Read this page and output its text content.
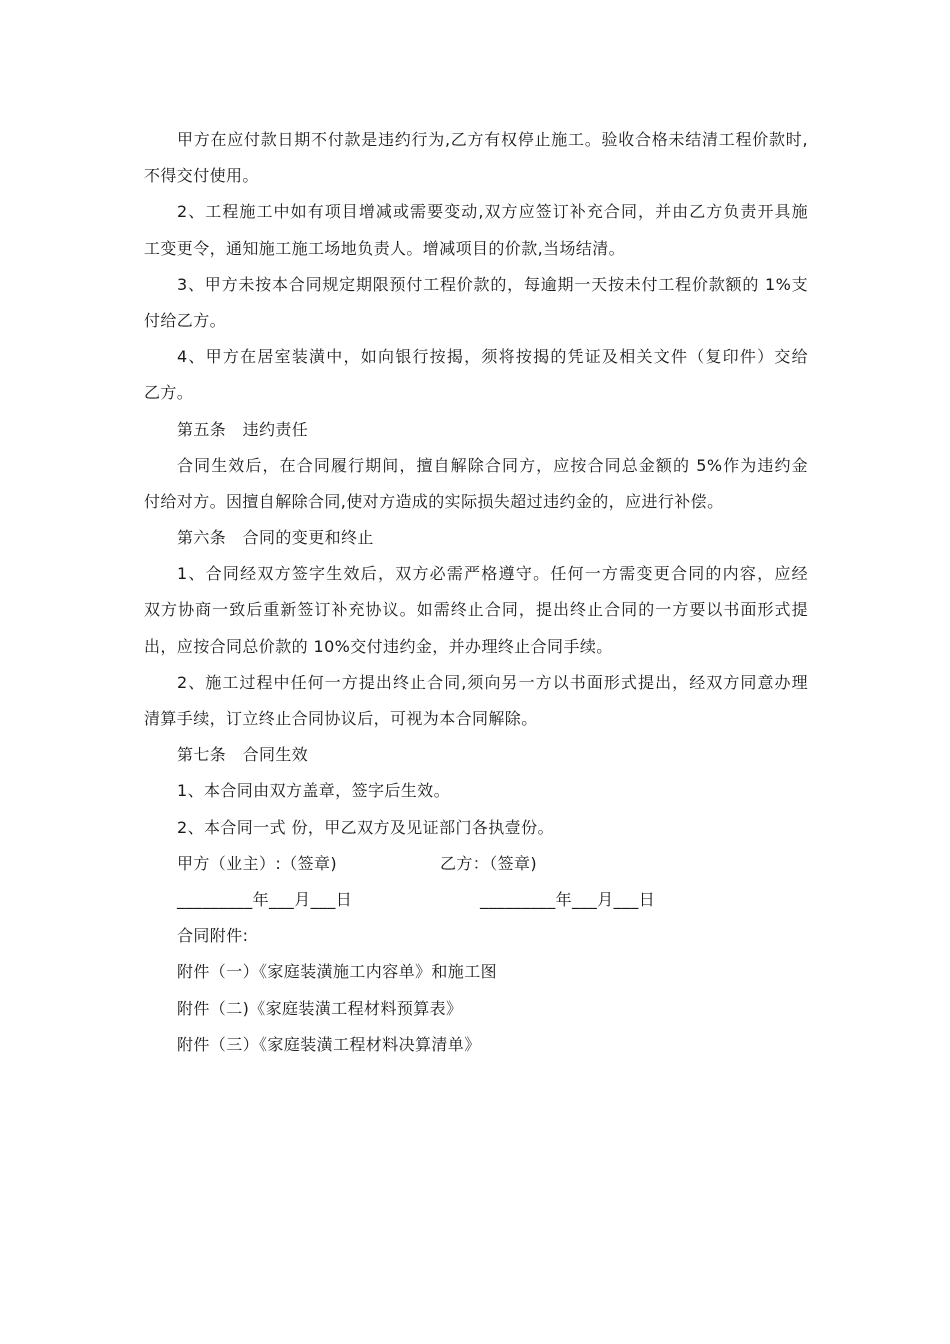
甲方在应付款日期不付款是违约行为,乙方有权停止施工。验收合格未结清工程价款时,
不得交付使用。
2、工程施工中如有项目增减或需要变动,双方应签订补充合同，并由乙方负责开具施
工变更令，通知施工施工场地负责人。增减项目的价款,当场结清。
3、甲方未按本合同规定期限预付工程价款的，每逾期一天按未付工程价款额的 1%支
付给乙方。
4、甲方在居室装潢中，如向银行按揭，须将按揭的凭证及相关文件（复印件）交给
乙方。
第五条　违约责任
合同生效后，在合同履行期间，擅自解除合同方，应按合同总金额的 5%作为违约金
付给对方。因擅自解除合同,使对方造成的实际损失超过违约金的，应进行补偿。
第六条　合同的变更和终止
1、合同经双方签字生效后，双方必需严格遵守。任何一方需变更合同的内容，应经
双方协商一致后重新签订补充协议。如需终止合同，提出终止合同的一方要以书面形式提
出，应按合同总价款的 10%交付违约金，并办理终止合同手续。
2、施工过程中任何一方提出终止合同,须向另一方以书面形式提出，经双方同意办理
清算手续，订立终止合同协议后，可视为本合同解除。
第七条　合同生效
1、本合同由双方盖章，签字后生效。
2、本合同一式 份，甲乙双方及见证部门各执壹份。
甲方（业主）:（签章)	乙方：（签章)
_________年___月___日	_________年___月___日
合同附件:
附件（一）《家庭装潢施工内容单》和施工图
附件（二)《家庭装潢工程材料预算表》
附件（三）《家庭装潢工程材料决算清单》
